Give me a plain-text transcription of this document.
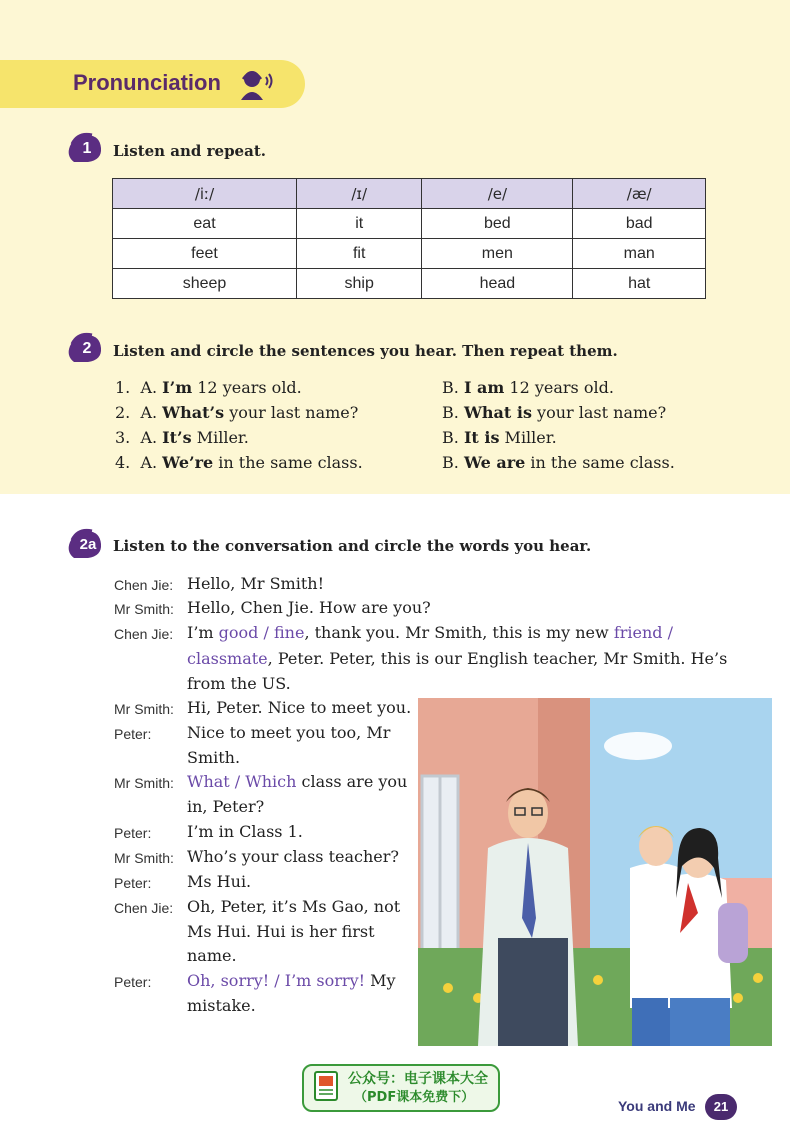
Pronunciation
1	Listen and repeat.
/iː/	/ɪ/	/e/	/æ/
eat	it	bed	bad
feet	fit	men	man
sheep	ship	head	hat
2	Listen and circle the sentences you hear. Then repeat them.
1. A. I’m 12 years old.	B. I am 12 years old.
2. A. What’s your last name?	B. What is your last name?
3. A. It’s Miller.	B. It is Miller.
4. A. We’re in the same class.	B. We are in the same class.
2a	Listen to the conversation and circle the words you hear.
Chen Jie: Hello, Mr Smith!
Mr Smith: Hello, Chen Jie. How are you?
Chen Jie: I’m good / fine, thank you. Mr Smith, this is my new friend /
classmate, Peter. Peter, this is our English teacher, Mr Smith. He’s
from the US.
Mr Smith: Hi, Peter. Nice to meet you.
Peter: Nice to meet you too, Mr
Smith.
Mr Smith: What / Which class are you
in, Peter?
Peter: I’m in Class 1.
Mr Smith: Who’s your class teacher?
Peter: Ms Hui.
Chen Jie: Oh, Peter, it’s Ms Gao, not
Ms Hui. Hui is her first
name.
Peter: Oh, sorry! / I’m sorry! My
mistake.
公众号：电子课本大全
（PDF课本免费下）
You and Me	21
